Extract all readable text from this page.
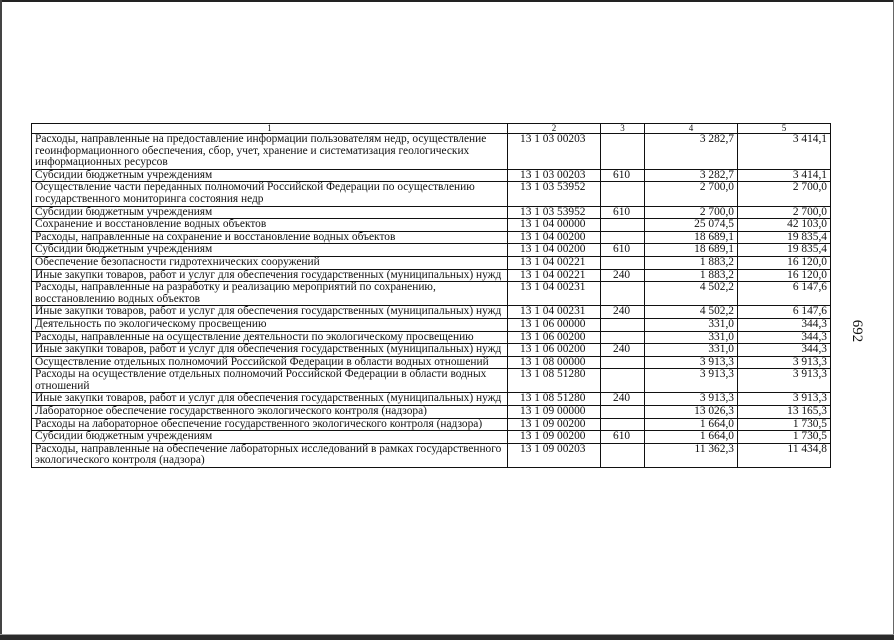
692
1	2	3	4	5
Расходы, направленные на предоставление информации пользователям недр, осуществление геоинформационного обеспечения, сбор, учет, хранение и систематизация геологических информационных ресурсов	13 1 03 00203		3 282,7	3 414,1
Субсидии бюджетным учреждениям	13 1 03 00203	610	3 282,7	3 414,1
Осуществление части переданных полномочий Российской Федерации по осуществлению государственного мониторинга состояния недр	13 1 03 53952		2 700,0	2 700,0
Субсидии бюджетным учреждениям	13 1 03 53952	610	2 700,0	2 700,0
Сохранение и восстановление водных объектов	13 1 04 00000		25 074,5	42 103,0
Расходы, направленные на сохранение и восстановление водных объектов	13 1 04 00200		18 689,1	19 835,4
Субсидии бюджетным учреждениям	13 1 04 00200	610	18 689,1	19 835,4
Обеспечение безопасности гидротехнических сооружений	13 1 04 00221		1 883,2	16 120,0
Иные закупки товаров, работ и услуг для обеспечения государственных (муниципальных) нужд	13 1 04 00221	240	1 883,2	16 120,0
Расходы, направленные на разработку и реализацию мероприятий по сохранению, восстановлению водных объектов	13 1 04 00231		4 502,2	6 147,6
Иные закупки товаров, работ и услуг для обеспечения государственных (муниципальных) нужд	13 1 04 00231	240	4 502,2	6 147,6
Деятельность по экологическому просвещению	13 1 06 00000		331,0	344,3
Расходы, направленные на осуществление деятельности по экологическому просвещению	13 1 06 00200		331,0	344,3
Иные закупки товаров, работ и услуг для обеспечения государственных (муниципальных) нужд	13 1 06 00200	240	331,0	344,3
Осуществление отдельных полномочий Российской Федерации в области водных отношений	13 1 08 00000		3 913,3	3 913,3
Расходы на осуществление отдельных полномочий Российской Федерации в области водных отношений	13 1 08 51280		3 913,3	3 913,3
Иные закупки товаров, работ и услуг для обеспечения государственных (муниципальных) нужд	13 1 08 51280	240	3 913,3	3 913,3
Лабораторное обеспечение государственного экологического контроля (надзора)	13 1 09 00000		13 026,3	13 165,3
Расходы на лабораторное обеспечение государственного экологического контроля (надзора)	13 1 09 00200		1 664,0	1 730,5
Субсидии бюджетным учреждениям	13 1 09 00200	610	1 664,0	1 730,5
Расходы, направленные на обеспечение лабораторных исследований в рамках государственного экологического контроля (надзора)	13 1 09 00203		11 362,3	11 434,8
